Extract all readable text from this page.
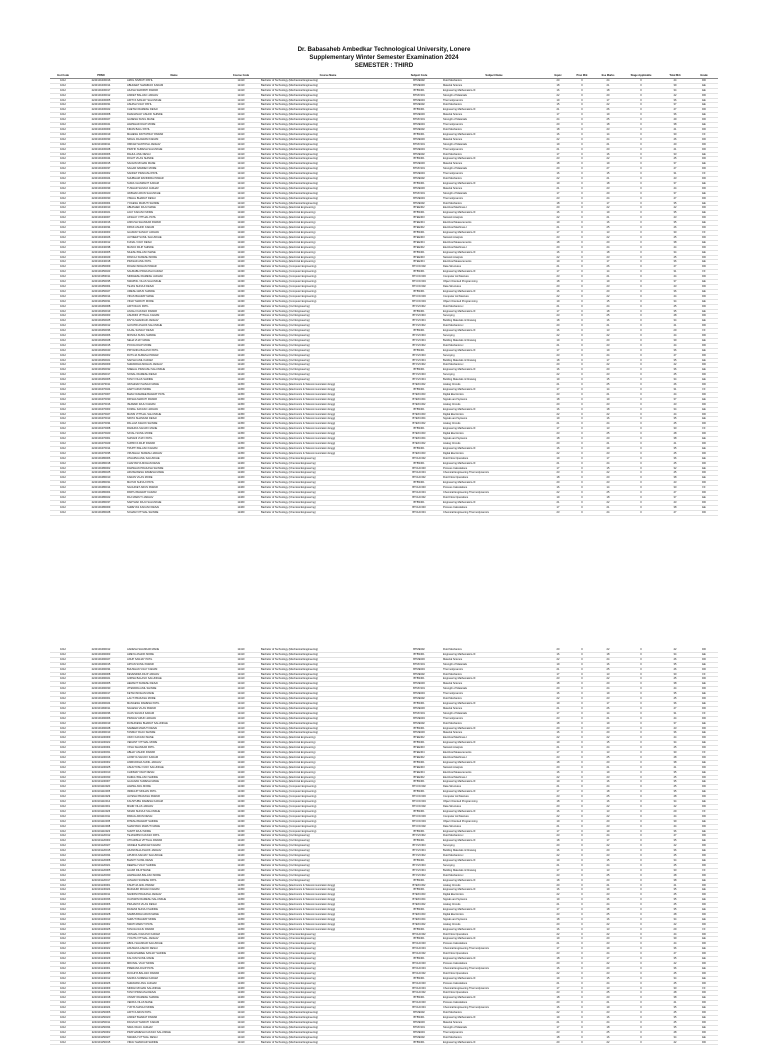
Dr. Babasaheb Ambedkar Technological University, Lonere
Supplementary Winter Semester Examination 2024
SEMESTER : THIRD
Inst Code	PRNO	Name	Course Code	Course Name	Subject Code	Subject Name	Equiv	Prac Mrk	Ese Marks	Stage Applicable	Total Mrk	Grade
1012	2243101030016	AMOL NIVRUTI PATIL	11410	Bachelor of Technology (Mechanical Engineering)	BTME302	Fluid Mechanics	20	0	24	0	44	DD
1012	2243101030014	ABHIJEET SHAMRAO KADAM	11410	Bachelor of Technology (Mechanical Engineering)	BTME303	Material Science	18	0	21	0	39	EE
1012	2243101030017	AKASH SHRIPATI PAWAR	11410	Bachelor of Technology (Mechanical Engineering)	BTBS301	Engineering Mathematics-III	16	0	18	0	34	EE
1012	2243101030012	ANIKET BALASO JADHAV	11410	Bachelor of Technology (Mechanical Engineering)	BTMC301	Strength of Materials	22	0	20	0	42	DD
1012	2243101030005	ADITYA SANJAY SALUNKHE	11410	Bachelor of Technology (Mechanical Engineering)	BTME304	Thermodynamics	19	0	17	0	36	EE
1012	2243101030031	ASHISH VIJAY PATIL	11410	Bachelor of Technology (Mechanical Engineering)	BTME302	Fluid Mechanics	15	0	22	0	37	EE
1012	2243101030022	CHETAN RAMESH DESAI	11410	Bachelor of Technology (Mechanical Engineering)	BTBS301	Engineering Mathematics-III	21	0	26	0	47	DD
1012	2243101030008	DHANANJAY ASHOK SHINDE	11410	Bachelor of Technology (Mechanical Engineering)	BTME303	Material Science	17	0	19	0	36	EE
1012	2243101030027	GANESH SUNIL MANE	11410	Bachelor of Technology (Mechanical Engineering)	BTMC301	Strength of Materials	24	0	25	0	49	DD
1012	2243101030041	HARSHAD DILIP MORE	11410	Bachelor of Technology (Mechanical Engineering)	BTME304	Thermodynamics	20	0	18	0	38	EE
1012	2243101030009	KIRAN BALU PATIL	11410	Bachelor of Technology (Mechanical Engineering)	BTME302	Fluid Mechanics	18	0	23	0	41	DD
1012	2243101030019	MAHESH DATTATRAY PAWAR	11410	Bachelor of Technology (Mechanical Engineering)	BTBS301	Engineering Mathematics-III	16	0	14	0	30	FF
1012	2243101030033	NIKHIL RAJARAM KADAM	11410	Bachelor of Technology (Mechanical Engineering)	BTME303	Material Science	22	0	24	0	46	DD
1012	2243101030011	OMKAR SANTOSH JADHAV	11410	Bachelor of Technology (Mechanical Engineering)	BTMC301	Strength of Materials	19	0	21	0	40	DD
1012	2243101030028	PRATIK SURESH SALUNKHE	11410	Bachelor of Technology (Mechanical Engineering)	BTME304	Thermodynamics	21	0	20	0	41	DD
1012	2243101030006	RAHUL ANIL DESAI	11410	Bachelor of Technology (Mechanical Engineering)	BTME302	Fluid Mechanics	17	0	16	0	33	EE
1012	2243101030044	ROHIT VILAS SHINDE	11410	Bachelor of Technology (Mechanical Engineering)	BTBS301	Engineering Mathematics-III	23	0	22	0	45	DD
1012	2243101030015	SACHIN MOHAN MANE	11410	Bachelor of Technology (Mechanical Engineering)	BTME303	Material Science	18	0	19	0	37	EE
1012	2243101030037	SAGAR NAMDEV MORE	11410	Bachelor of Technology (Mechanical Engineering)	BTMC301	Strength of Materials	20	0	27	0	47	DD
1012	2243101030002	SANKET PRAKASH PATIL	11410	Bachelor of Technology (Mechanical Engineering)	BTME304	Thermodynamics	16	0	15	0	31	FF
1012	2243101030024	SHUBHAM RAVINDRA PAWAR	11410	Bachelor of Technology (Mechanical Engineering)	BTME302	Fluid Mechanics	22	0	21	0	43	DD
1012	2243101030013	SURAJ HANMANT KADAM	11410	Bachelor of Technology (Mechanical Engineering)	BTBS301	Engineering Mathematics-III	19	0	18	0	37	EE
1012	2243101030039	TUSHAR SHIVAJI JADHAV	11410	Bachelor of Technology (Mechanical Engineering)	BTME303	Material Science	21	0	23	0	44	DD
1012	2243101030020	VAIBHAV ARUN SALUNKHE	11410	Bachelor of Technology (Mechanical Engineering)	BTMC301	Strength of Materials	17	0	20	0	37	EE
1012	2243101030030	VISHAL BHARAT DESAI	11410	Bachelor of Technology (Mechanical Engineering)	BTME304	Thermodynamics	23	0	24	0	47	DD
1012	2243101030004	YOGESH MARUTI SHINDE	11410	Bachelor of Technology (Mechanical Engineering)	BTME302	Fluid Mechanics	18	0	17	0	35	EE
1012	2243101040010	ABHISHEK RAJU MANE	11420	Bachelor of Technology (Electrical Engineering)	BTEE302	Electrical Machines-I	20	0	22	0	42	DD
1012	2243101040021	AJAY KAKASO MORE	11420	Bachelor of Technology (Electrical Engineering)	BTBS301	Engineering Mathematics-III	16	0	19	0	35	EE
1012	2243101040007	AKSHAY VITTHAL PATIL	11420	Bachelor of Technology (Electrical Engineering)	BTEE303	Network Analysis	22	0	21	0	43	DD
1012	2243101040016	ANKUSH SHANKAR PAWAR	11420	Bachelor of Technology (Electrical Engineering)	BTEE304	Electrical Measurements	19	0	16	0	35	EE
1012	2243101040034	DIPAK ASHOK KADAM	11420	Bachelor of Technology (Electrical Engineering)	BTEE302	Electrical Machines-I	21	0	25	0	46	DD
1012	2243101040003	GAURAV SANJAY JADHAV	11420	Bachelor of Technology (Electrical Engineering)	BTBS301	Engineering Mathematics-III	17	0	13	0	30	FF
1012	2243101040026	JAYDEEP SUNIL SALUNKHE	11420	Bachelor of Technology (Electrical Engineering)	BTEE303	Network Analysis	23	0	22	0	45	DD
1012	2243101040012	KUNAL VIJAY DESAI	11420	Bachelor of Technology (Electrical Engineering)	BTEE304	Electrical Measurements	18	0	20	0	38	EE
1012	2243101040038	MANOJ DILIP SHINDE	11420	Bachelor of Technology (Electrical Engineering)	BTEE302	Electrical Machines-I	20	0	24	0	44	DD
1012	2243101040005	NILESH BALASO MANE	11420	Bachelor of Technology (Electrical Engineering)	BTBS301	Engineering Mathematics-III	16	0	18	0	34	EE
1012	2243101040029	PANKAJ SURESH MORE	11420	Bachelor of Technology (Electrical Engineering)	BTEE303	Network Analysis	22	0	23	0	45	DD
1012	2243101040018	PRASAD ANIL PATIL	11420	Bachelor of Technology (Electrical Engineering)	BTEE304	Electrical Measurements	19	0	17	0	36	EE
1012	2243101050009	ROHAN MOHAN PAWAR	11430	Bachelor of Technology (Computer Engineering)	BTCOC302	Data Structures	21	0	26	0	47	DD
1012	2243101050023	SAURABH PRAKASH KADAM	11430	Bachelor of Technology (Computer Engineering)	BTBS301	Engineering Mathematics-III	17	0	14	0	31	FF
1012	2243101050011	SIDDHESH RAMESH JADHAV	11430	Bachelor of Technology (Computer Engineering)	BTCOC303	Computer Architecture	23	0	21	0	44	DD
1012	2243101050035	SWAPNIL VILAS SALUNKHE	11430	Bachelor of Technology (Computer Engineering)	BTCOC304	Object Oriented Programming	18	0	19	0	37	EE
1012	2243101050004	TEJAS SHIVAJI DESAI	11430	Bachelor of Technology (Computer Engineering)	BTCOC302	Data Structures	20	0	23	0	43	DD
1012	2243101050027	UMESH ARUN SHINDE	11430	Bachelor of Technology (Computer Engineering)	BTBS301	Engineering Mathematics-III	16	0	20	0	36	EE
1012	2243101050014	VIKAS BHARAT MANE	11430	Bachelor of Technology (Computer Engineering)	BTCOC303	Computer Architecture	22	0	22	0	44	DD
1012	2243101050031	VINAY MARUTI MORE	11430	Bachelor of Technology (Computer Engineering)	BTCOC304	Object Oriented Programming	19	0	15	0	34	EE
1012	2243101060008	ADITI RAJU PATIL	11440	Bachelor of Technology (Civil Engineering)	BTCVC302	Fluid Mechanics-I	21	0	24	0	45	DD
1012	2243101060019	ANJALI KAKASO PAWAR	11440	Bachelor of Technology (Civil Engineering)	BTBS301	Engineering Mathematics-III	17	0	18	0	35	EE
1012	2243101060003	ASHWINI VITTHAL KADAM	11440	Bachelor of Technology (Civil Engineering)	BTCVC303	Surveying	23	0	25	0	48	DD
1012	2243101060025	DIVYA SHANKAR JADHAV	11440	Bachelor of Technology (Civil Engineering)	BTCVC304	Building Materials & Drawing	18	0	16	0	34	EE
1012	2243101060012	GAYATRI ASHOK SALUNKHE	11440	Bachelor of Technology (Civil Engineering)	BTCVC302	Fluid Mechanics-I	20	0	21	0	41	DD
1012	2243101060036	KAJAL SANJAY DESAI	11440	Bachelor of Technology (Civil Engineering)	BTBS301	Engineering Mathematics-III	16	0	13	0	29	FF
1012	2243101060006	MONIKA SUNIL SHINDE	11440	Bachelor of Technology (Civil Engineering)	BTCVC303	Surveying	22	0	22	0	44	DD
1012	2243101060028	NEHA VIJAY MANE	11440	Bachelor of Technology (Civil Engineering)	BTCVC304	Building Materials & Drawing	19	0	20	0	39	EE
1012	2243101060015	POOJA DILIP MORE	11440	Bachelor of Technology (Civil Engineering)	BTCVC302	Fluid Mechanics-I	21	0	23	0	44	DD
1012	2243101060040	PRIYANKA BALASO PATIL	11440	Bachelor of Technology (Civil Engineering)	BTBS301	Engineering Mathematics-III	17	0	19	0	36	EE
1012	2243101060002	RUTUJA SURESH PAWAR	11440	Bachelor of Technology (Civil Engineering)	BTCVC303	Surveying	23	0	24	0	47	DD
1012	2243101060021	SAKSHI ANIL KADAM	11440	Bachelor of Technology (Civil Engineering)	BTCVC304	Building Materials & Drawing	18	0	17	0	35	EE
1012	2243101060009	SHRADDHA MOHAN JADHAV	11440	Bachelor of Technology (Civil Engineering)	BTCVC302	Fluid Mechanics-I	20	0	22	0	42	DD
1012	2243101060032	SNEHAL PRAKASH SALUNKHE	11440	Bachelor of Technology (Civil Engineering)	BTBS301	Engineering Mathematics-III	16	0	20	0	36	EE
1012	2243101060017	SONALI RAMESH DESAI	11440	Bachelor of Technology (Civil Engineering)	BTCVC303	Surveying	22	0	23	0	45	DD
1012	2243101060005	TANVI VILAS SHINDE	11440	Bachelor of Technology (Civil Engineering)	BTCVC304	Building Materials & Drawing	19	0	15	0	34	EE
1012	2243101070011	VAISHNAVI SHIVAJI MANE	11450	Bachelor of Technology (Electronics & Telecommunication Engg)	BTEXC302	Analog Circuits	21	0	25	0	46	DD
1012	2243101070024	AARTI ARUN MORE	11450	Bachelor of Technology (Electronics & Telecommunication Engg)	BTBS301	Engineering Mathematics-III	17	0	14	0	31	FF
1012	2243101070007	BHAGYASHREE BHARAT PATIL	11450	Bachelor of Technology (Electronics & Telecommunication Engg)	BTEXC303	Digital Electronics	23	0	21	0	44	DD
1012	2243101070030	DIKSHA MARUTI PAWAR	11450	Bachelor of Technology (Electronics & Telecommunication Engg)	BTEXC304	Signals and Systems	18	0	19	0	37	EE
1012	2243101070016	ISHWARI RAJU KADAM	11450	Bachelor of Technology (Electronics & Telecommunication Engg)	BTEXC302	Analog Circuits	20	0	23	0	43	DD
1012	2243101070003	KOMAL KAKASO JADHAV	11450	Bachelor of Technology (Electronics & Telecommunication Engg)	BTBS301	Engineering Mathematics-III	16	0	18	0	34	EE
1012	2243101070027	MANSI VITTHAL SALUNKHE	11450	Bachelor of Technology (Electronics & Telecommunication Engg)	BTEXC303	Digital Electronics	22	0	22	0	44	DD
1012	2243101070013	NIKITA SHANKAR DESAI	11450	Bachelor of Technology (Electronics & Telecommunication Engg)	BTEXC304	Signals and Systems	19	0	16	0	35	EE
1012	2243101070034	PALLAVI ASHOK SHINDE	11450	Bachelor of Technology (Electronics & Telecommunication Engg)	BTEXC302	Analog Circuits	21	0	24	0	45	DD
1012	2243101070008	RADHIKA SANJAY MANE	11450	Bachelor of Technology (Electronics & Telecommunication Engg)	BTBS301	Engineering Mathematics-III	17	0	13	0	30	FF
1012	2243101070020	SAYALI SUNIL MORE	11450	Bachelor of Technology (Electronics & Telecommunication Engg)	BTEXC303	Digital Electronics	23	0	25	0	48	DD
1012	2243101070001	SHIVANI VIJAY PATIL	11450	Bachelor of Technology (Electronics & Telecommunication Engg)	BTEXC304	Signals and Systems	18	0	20	0	38	EE
1012	2243101070029	SUPRIYA DILIP PAWAR	11450	Bachelor of Technology (Electronics & Telecommunication Engg)	BTEXC302	Analog Circuits	20	0	21	0	41	DD
1012	2243101070014	TRUPTI BALASO KADAM	11450	Bachelor of Technology (Electronics & Telecommunication Engg)	BTBS301	Engineering Mathematics-III	16	0	19	0	35	EE
1012	2243101070035	VRUSHALI SURESH JADHAV	11450	Bachelor of Technology (Electronics & Telecommunication Engg)	BTEXC303	Digital Electronics	22	0	23	0	45	DD
1012	2243101080006	ATHARVA ANIL SALUNKHE	11460	Bachelor of Technology (Chemical Engineering)	BTCHC302	Fluid Flow Operations	19	0	17	0	36	EE
1012	2243101080018	CHAITANYA MOHAN DESAI	11460	Bachelor of Technology (Chemical Engineering)	BTBS301	Engineering Mathematics-III	21	0	24	0	45	DD
1012	2243101080002	DARSHAN PRAKASH SHINDE	11460	Bachelor of Technology (Chemical Engineering)	BTCHC303	Process Calculations	17	0	15	0	32	EE
1012	2243101080025	HRUSHIKESH RAMESH MANE	11460	Bachelor of Technology (Chemical Engineering)	BTCHC304	Chemical Engineering Thermodynamics	23	0	22	0	45	DD
1012	2243101080010	KARAN VILAS MORE	11460	Bachelor of Technology (Chemical Engineering)	BTCHC302	Fluid Flow Operations	18	0	20	0	38	EE
1012	2243101080031	MAYUR SHIVAJI PATIL	11460	Bachelor of Technology (Chemical Engineering)	BTBS301	Engineering Mathematics-III	20	0	23	0	43	DD
1012	2243101080014	NACHIKET ARUN PAWAR	11460	Bachelor of Technology (Chemical Engineering)	BTCHC303	Process Calculations	16	0	14	0	30	FF
1012	2243101080004	PARTH BHARAT KADAM	11460	Bachelor of Technology (Chemical Engineering)	BTCHC304	Chemical Engineering Thermodynamics	22	0	25	0	47	DD
1012	2243101080022	RAJ MARUTI JADHAV	11460	Bachelor of Technology (Chemical Engineering)	BTCHC302	Fluid Flow Operations	19	0	18	0	37	EE
1012	2243101080037	SARTHAK RAJU SALUNKHE	11460	Bachelor of Technology (Chemical Engineering)	BTBS301	Engineering Mathematics-III	21	0	22	0	43	DD
1012	2243101080009	SHREYAS KAKASO DESAI	11460	Bachelor of Technology (Chemical Engineering)	BTCHC303	Process Calculations	17	0	21	0	38	EE
1012	2243101080028	SOHAM VITTHAL SHINDE	11460	Bachelor of Technology (Chemical Engineering)	BTCHC304	Chemical Engineering Thermodynamics	23	0	24	0	47	DD
1012	2243101090012	AADESH SHANKAR MANE	11410	Bachelor of Technology (Mechanical Engineering)	BTME302	Fluid Mechanics	20	0	22	0	42	DD
1012	2243101090003	AMEYA ASHOK MORE	11410	Bachelor of Technology (Mechanical Engineering)	BTBS301	Engineering Mathematics-III	16	0	18	0	34	EE
1012	2243101090027	ANUP SANJAY PATIL	11410	Bachelor of Technology (Mechanical Engineering)	BTME303	Material Science	22	0	24	0	46	DD
1012	2243101090015	ARYAN SUNIL PAWAR	11410	Bachelor of Technology (Mechanical Engineering)	BTMC301	Strength of Materials	19	0	16	0	35	EE
1012	2243101090034	BHUSHAN VIJAY KADAM	11410	Bachelor of Technology (Mechanical Engineering)	BTME304	Thermodynamics	21	0	25	0	46	DD
1012	2243101090008	DEVENDRA DILIP JADHAV	11410	Bachelor of Technology (Mechanical Engineering)	BTME302	Fluid Mechanics	17	0	13	0	30	FF
1012	2243101090021	GIRISH BALASO SALUNKHE	11410	Bachelor of Technology (Mechanical Engineering)	BTBS301	Engineering Mathematics-III	23	0	22	0	45	DD
1012	2243101090005	HEMANT SURESH DESAI	11410	Bachelor of Technology (Mechanical Engineering)	BTME303	Material Science	18	0	20	0	38	EE
1012	2243101090030	JITENDRA ANIL SHINDE	11410	Bachelor of Technology (Mechanical Engineering)	BTMC301	Strength of Materials	20	0	24	0	44	DD
1012	2243101090017	KETAN MOHAN MANE	11410	Bachelor of Technology (Mechanical Engineering)	BTME304	Thermodynamics	16	0	19	0	35	EE
1012	2243101090001	LALIT PRAKASH MORE	11410	Bachelor of Technology (Mechanical Engineering)	BTME302	Fluid Mechanics	22	0	23	0	45	DD
1012	2243101090024	MANGESH RAMESH PATIL	11410	Bachelor of Technology (Mechanical Engineering)	BTBS301	Engineering Mathematics-III	19	0	17	0	36	EE
1012	2243101090011	NAGESH VILAS PAWAR	11410	Bachelor of Technology (Mechanical Engineering)	BTME303	Material Science	21	0	26	0	47	DD
1012	2243101090036	OJAS SHIVAJI KADAM	11410	Bachelor of Technology (Mechanical Engineering)	BTMC301	Strength of Materials	17	0	14	0	31	FF
1012	2243101090006	PRANAV ARUN JADHAV	11410	Bachelor of Technology (Mechanical Engineering)	BTME304	Thermodynamics	23	0	21	0	44	DD
1012	2243101090019	RUSHIKESH BHARAT SALUNKHE	11410	Bachelor of Technology (Mechanical Engineering)	BTME302	Fluid Mechanics	18	0	19	0	37	EE
1012	2243101090028	SAMEER MARUTI DESAI	11410	Bachelor of Technology (Mechanical Engineering)	BTBS301	Engineering Mathematics-III	20	0	23	0	43	DD
1012	2243101090013	TANMAY RAJU SHINDE	11410	Bachelor of Technology (Mechanical Engineering)	BTME303	Material Science	16	0	20	0	36	EE
1012	2243101100009	UDAY KAKASO MANE	11420	Bachelor of Technology (Electrical Engineering)	BTEE302	Electrical Machines-I	22	0	22	0	44	DD
1012	2243101100022	VEDANT VITTHAL MORE	11420	Bachelor of Technology (Electrical Engineering)	BTBS301	Engineering Mathematics-III	19	0	15	0	34	EE
1012	2243101100004	YASH SHANKAR PATIL	11420	Bachelor of Technology (Electrical Engineering)	BTEE303	Network Analysis	21	0	24	0	45	DD
1012	2243101100031	ABHAY ASHOK PAWAR	11420	Bachelor of Technology (Electrical Engineering)	BTEE304	Electrical Measurements	17	0	13	0	30	FF
1012	2243101100016	AJINKYA SANJAY KADAM	11420	Bachelor of Technology (Electrical Engineering)	BTEE302	Electrical Machines-I	23	0	25	0	48	DD
1012	2243101100002	ANIRUDDHA SUNIL JADHAV	11420	Bachelor of Technology (Electrical Engineering)	BTBS301	Engineering Mathematics-III	18	0	20	0	38	EE
1012	2243101100025	ASHUTOSH VIJAY SALUNKHE	11420	Bachelor of Technology (Electrical Engineering)	BTEE303	Network Analysis	20	0	21	0	41	DD
1012	2243101100010	CHINMAY DILIP DESAI	11420	Bachelor of Technology (Electrical Engineering)	BTEE304	Electrical Measurements	16	0	19	0	35	EE
1012	2243101100033	DHIRAJ BALASO SHINDE	11420	Bachelor of Technology (Electrical Engineering)	BTEE302	Electrical Machines-I	22	0	23	0	45	DD
1012	2243101100007	GAJANAN SURESH MANE	11420	Bachelor of Technology (Electrical Engineering)	BTBS301	Engineering Mathematics-III	19	0	16	0	35	EE
1012	2243101110020	HARSH ANIL MORE	11430	Bachelor of Technology (Computer Engineering)	BTCOC302	Data Structures	21	0	24	0	45	DD
1012	2243101110005	INDRAJIT MOHAN PATIL	11430	Bachelor of Technology (Computer Engineering)	BTBS301	Engineering Mathematics-III	17	0	18	0	35	EE
1012	2243101110029	JAYESH PRAKASH PAWAR	11430	Bachelor of Technology (Computer Engineering)	BTCOC303	Computer Architecture	23	0	25	0	48	DD
1012	2243101110014	KAUSTUBH RAMESH KADAM	11430	Bachelor of Technology (Computer Engineering)	BTCOC304	Object Oriented Programming	18	0	16	0	34	EE
1012	2243101110001	MIHIR VILAS JADHAV	11430	Bachelor of Technology (Computer Engineering)	BTCOC302	Data Structures	20	0	22	0	42	DD
1012	2243101110026	NINAD SHIVAJI SALUNKHE	11430	Bachelor of Technology (Computer Engineering)	BTBS301	Engineering Mathematics-III	16	0	13	0	29	FF
1012	2243101110011	PARAG ARUN DESAI	11430	Bachelor of Technology (Computer Engineering)	BTCOC303	Computer Architecture	22	0	22	0	44	DD
1012	2243101110035	RITESH BHARAT SHINDE	11430	Bachelor of Technology (Computer Engineering)	BTCOC304	Object Oriented Programming	19	0	20	0	39	EE
1012	2243101110008	SHANTANU MARUTI MANE	11430	Bachelor of Technology (Computer Engineering)	BTCOC302	Data Structures	21	0	23	0	44	DD
1012	2243101110023	SUMIT RAJU MORE	11430	Bachelor of Technology (Computer Engineering)	BTBS301	Engineering Mathematics-III	17	0	19	0	36	EE
1012	2243101120012	TEJASWINI KAKASO PATIL	11440	Bachelor of Technology (Civil Engineering)	BTCVC302	Fluid Mechanics-I	23	0	24	0	47	DD
1012	2243101120003	UTKARSHA VITTHAL PAWAR	11440	Bachelor of Technology (Civil Engineering)	BTBS301	Engineering Mathematics-III	18	0	17	0	35	EE
1012	2243101120027	VAIDEHI SHANKAR KADAM	11440	Bachelor of Technology (Civil Engineering)	BTCVC303	Surveying	20	0	22	0	42	DD
1012	2243101120015	AKANKSHA ASHOK JADHAV	11440	Bachelor of Technology (Civil Engineering)	BTCVC304	Building Materials & Drawing	16	0	20	0	36	EE
1012	2243101120034	APURVA SANJAY SALUNKHE	11440	Bachelor of Technology (Civil Engineering)	BTCVC302	Fluid Mechanics-I	22	0	23	0	45	DD
1012	2243101120008	BHAKTI SUNIL DESAI	11440	Bachelor of Technology (Civil Engineering)	BTBS301	Engineering Mathematics-III	19	0	15	0	34	EE
1012	2243101120021	DEEPALI VIJAY SHINDE	11440	Bachelor of Technology (Civil Engineering)	BTCVC303	Surveying	21	0	24	0	45	DD
1012	2243101120005	GAURI DILIP MANE	11440	Bachelor of Technology (Civil Engineering)	BTCVC304	Building Materials & Drawing	17	0	13	0	30	FF
1012	2243101120030	HARSHADA BALASO MORE	11440	Bachelor of Technology (Civil Engineering)	BTCVC302	Fluid Mechanics-I	23	0	25	0	48	DD
1012	2243101120017	JANHAVI SURESH PATIL	11440	Bachelor of Technology (Civil Engineering)	BTBS301	Engineering Mathematics-III	18	0	20	0	38	EE
1012	2243101130001	KSHITIJA ANIL PAWAR	11450	Bachelor of Technology (Electronics & Telecommunication Engg)	BTEXC302	Analog Circuits	20	0	21	0	41	DD
1012	2243101130024	MADHURI MOHAN KADAM	11450	Bachelor of Technology (Electronics & Telecommunication Engg)	BTBS301	Engineering Mathematics-III	16	0	19	0	35	EE
1012	2243101130011	NANDINI PRAKASH JADHAV	11450	Bachelor of Technology (Electronics & Telecommunication Engg)	BTEXC303	Digital Electronics	22	0	23	0	45	DD
1012	2243101130036	OJASWINI RAMESH SALUNKHE	11450	Bachelor of Technology (Electronics & Telecommunication Engg)	BTEXC304	Signals and Systems	19	0	16	0	35	EE
1012	2243101130006	PRAJAKTA VILAS DESAI	11450	Bachelor of Technology (Electronics & Telecommunication Engg)	BTEXC302	Analog Circuits	21	0	24	0	45	DD
1012	2243101130019	RASHMI SHIVAJI SHINDE	11450	Bachelor of Technology (Electronics & Telecommunication Engg)	BTBS301	Engineering Mathematics-III	17	0	18	0	35	EE
1012	2243101130028	SAMRUDDHI ARUN MANE	11450	Bachelor of Technology (Electronics & Telecommunication Engg)	BTEXC303	Digital Electronics	23	0	25	0	48	DD
1012	2243101130013	SHRUTI BHARAT MORE	11450	Bachelor of Technology (Electronics & Telecommunication Engg)	BTEXC304	Signals and Systems	18	0	16	0	34	EE
1012	2243101130002	SWATI MARUTI PATIL	11450	Bachelor of Technology (Electronics & Telecommunication Engg)	BTEXC302	Analog Circuits	20	0	22	0	42	DD
1012	2243101130025	TANUJA RAJU PAWAR	11450	Bachelor of Technology (Electronics & Telecommunication Engg)	BTBS301	Engineering Mathematics-III	16	0	13	0	29	FF
1012	2243101140010	VAISHALI KAKASO KADAM	11460	Bachelor of Technology (Chemical Engineering)	BTCHC302	Fluid Flow Operations	22	0	22	0	44	DD
1012	2243101140033	YOGITA VITTHAL JADHAV	11460	Bachelor of Technology (Chemical Engineering)	BTBS301	Engineering Mathematics-III	19	0	20	0	39	EE
1012	2243101140007	ABOLI SHANKAR SALUNKHE	11460	Bachelor of Technology (Chemical Engineering)	BTCHC303	Process Calculations	21	0	23	0	44	DD
1012	2243101140022	ANUSHKA ASHOK DESAI	11460	Bachelor of Technology (Chemical Engineering)	BTCHC304	Chemical Engineering Thermodynamics	17	0	19	0	36	EE
1012	2243101140004	DHANASHREE SANJAY SHINDE	11460	Bachelor of Technology (Chemical Engineering)	BTCHC302	Fluid Flow Operations	23	0	24	0	47	DD
1012	2243101140029	KALYANI SUNIL MANE	11460	Bachelor of Technology (Chemical Engineering)	BTBS301	Engineering Mathematics-III	18	0	17	0	35	EE
1012	2243101140016	MRUNAL VIJAY MORE	11460	Bachelor of Technology (Chemical Engineering)	BTCHC303	Process Calculations	20	0	22	0	42	DD
1012	2243101140001	PRERANA DILIP PATIL	11460	Bachelor of Technology (Chemical Engineering)	BTCHC304	Chemical Engineering Thermodynamics	16	0	20	0	36	EE
1012	2243101140035	RUCHITA BALASO PAWAR	11460	Bachelor of Technology (Chemical Engineering)	BTCHC302	Fluid Flow Operations	22	0	23	0	45	DD
1012	2243101140012	SANIKA SURESH KADAM	11460	Bachelor of Technology (Chemical Engineering)	BTBS301	Engineering Mathematics-III	19	0	15	0	34	EE
1012	2243101140026	SHRAVANI ANIL JADHAV	11460	Bachelor of Technology (Chemical Engineering)	BTCHC303	Process Calculations	21	0	24	0	45	DD
1012	2243101140009	SIDDHI MOHAN SALUNKHE	11460	Bachelor of Technology (Chemical Engineering)	BTCHC304	Chemical Engineering Thermodynamics	17	0	13	0	30	FF
1012	2243101140031	TANVI PRAKASH DESAI	11460	Bachelor of Technology (Chemical Engineering)	BTCHC302	Fluid Flow Operations	23	0	25	0	48	DD
1012	2243101140018	UNNATI RAMESH SHINDE	11460	Bachelor of Technology (Chemical Engineering)	BTBS301	Engineering Mathematics-III	18	0	20	0	38	EE
1012	2243101140003	VEDIKA VILAS MANE	11460	Bachelor of Technology (Chemical Engineering)	BTCHC303	Process Calculations	20	0	21	0	41	DD
1012	2243101140024	YUKTA SHIVAJI MORE	11460	Bachelor of Technology (Chemical Engineering)	BTCHC304	Chemical Engineering Thermodynamics	16	0	19	0	35	EE
1012	2243101150006	ADITYA ARUN PATIL	11410	Bachelor of Technology (Mechanical Engineering)	BTME302	Fluid Mechanics	22	0	23	0	45	DD
1012	2243101150020	ANIKET BHARAT PAWAR	11410	Bachelor of Technology (Mechanical Engineering)	BTBS301	Engineering Mathematics-III	19	0	16	0	35	EE
1012	2243101150011	DIGVIJAY MARUTI KADAM	11410	Bachelor of Technology (Mechanical Engineering)	BTME303	Material Science	21	0	24	0	45	DD
1012	2243101150034	NIRAJ RAJU JADHAV	11410	Bachelor of Technology (Mechanical Engineering)	BTMC301	Strength of Materials	17	0	18	0	35	EE
1012	2243101150002	PRATHAMESH KAKASO SALUNKHE	11410	Bachelor of Technology (Mechanical Engineering)	BTME304	Thermodynamics	23	0	25	0	48	DD
1012	2243101150027	SWARAJ VITTHAL DESAI	11410	Bachelor of Technology (Mechanical Engineering)	BTME302	Fluid Mechanics	18	0	16	0	34	EE
1012	2243101150015	VIRAJ SHANKAR SHINDE	11410	Bachelor of Technology (Mechanical Engineering)	BTBS301	Engineering Mathematics-III	20	0	22	0	42	DD
